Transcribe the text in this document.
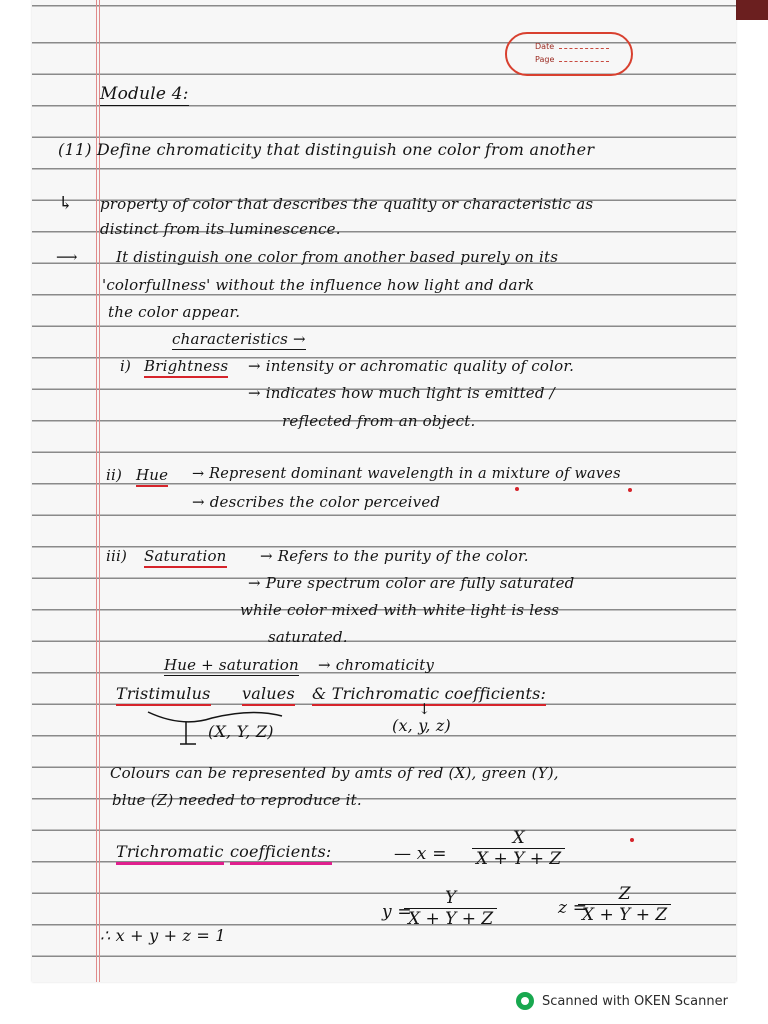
Date
Page
Module 4:
(11) Define chromaticity that distinguish one color from another
↳ property of color that describes the quality or characteristic as
distinct from its luminescence.
⟶	It distinguish one color from another based purely on its
'colorfullness' without the influence how light and dark
the color appear.
characteristics →
i) Brightness → intensity or achromatic quality of color.
→ indicates how much light is emitted /
reflected from an object.
ii) Hue → Represent dominant wavelength in a mixture of waves
→ describes the color perceived
iii) Saturation → Refers to the purity of the color.
→ Pure spectrum color are fully saturated
while color mixed with white light is less
saturated.
Hue + saturation → chromaticity
Tristimulus values & Trichromatic coefficients:
(X, Y, Z)
↓
(x, y, z)
Colours can be represented by amts of red (X), green (Y),
blue (Z) needed to reproduce it.
Trichromatic coefficients:	— $x = \frac{X}{X + Y + Z}$
y =
$\frac{Y}{X + Y + Z}$	z =
$\frac{Z}{X + Y + Z}$
∴ x + y + z = 1
Scanned with OKEN Scanner
